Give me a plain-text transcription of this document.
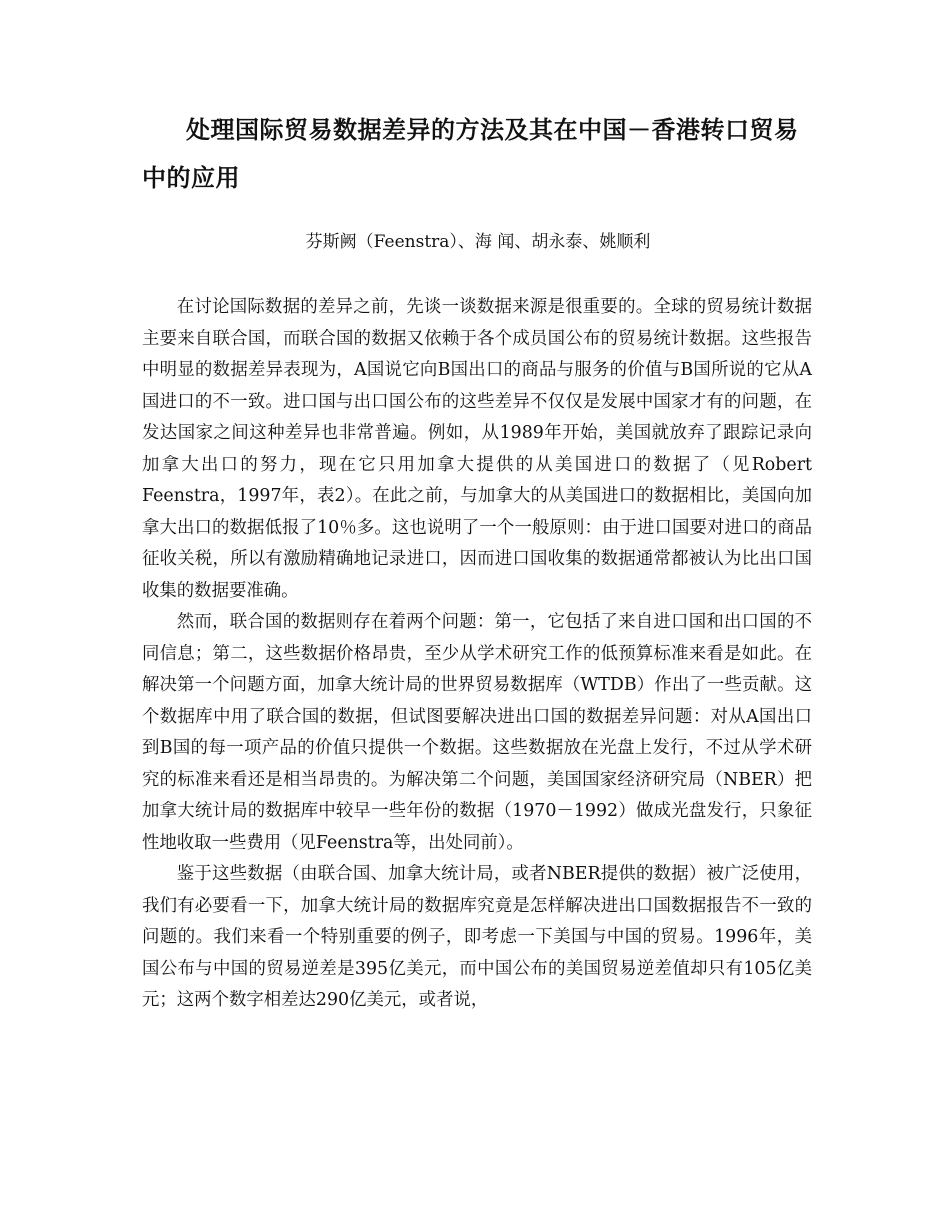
处理国际贸易数据差异的方法及其在中国－香港转口贸易中的应用
芬斯阙（Feenstra）、海 闻、胡永泰、姚顺利

在讨论国际数据的差异之前，先谈一谈数据来源是很重要的。全球的贸易统计数据主要来自联合国，而联合国的数据又依赖于各个成员国公布的贸易统计数据。这些报告中明显的数据差异表现为，A国说它向B国出口的商品与服务的价值与B国所说的它从A国进口的不一致。进口国与出口国公布的这些差异不仅仅是发展中国家才有的问题，在发达国家之间这种差异也非常普遍。例如，从1989年开始，美国就放弃了跟踪记录向加拿大出口的努力，现在它只用加拿大提供的从美国进口的数据了（见Robert Feenstra，1997年，表2）。在此之前，与加拿大的从美国进口的数据相比，美国向加拿大出口的数据低报了10％多。这也说明了一个一般原则：由于进口国要对进口的商品征收关税，所以有激励精确地记录进口，因而进口国收集的数据通常都被认为比出口国收集的数据要准确。

然而，联合国的数据则存在着两个问题：第一，它包括了来自进口国和出口国的不同信息；第二，这些数据价格昂贵，至少从学术研究工作的低预算标准来看是如此。在解决第一个问题方面，加拿大统计局的世界贸易数据库（WTDB）作出了一些贡献。这个数据库中用了联合国的数据，但试图要解决进出口国的数据差异问题：对从A国出口到B国的每一项产品的价值只提供一个数据。这些数据放在光盘上发行，不过从学术研究的标准来看还是相当昂贵的。为解决第二个问题，美国国家经济研究局（NBER）把加拿大统计局的数据库中较早一些年份的数据（1970－1992）做成光盘发行，只象征性地收取一些费用（见Feenstra等，出处同前）。

鉴于这些数据（由联合国、加拿大统计局，或者NBER提供的数据）被广泛使用，我们有必要看一下，加拿大统计局的数据库究竟是怎样解决进出口国数据报告不一致的问题的。我们来看一个特别重要的例子，即考虑一下美国与中国的贸易。1996年，美国公布与中国的贸易逆差是395亿美元，而中国公布的美国贸易逆差值却只有105亿美元；这两个数字相差达290亿美元，或者说，
